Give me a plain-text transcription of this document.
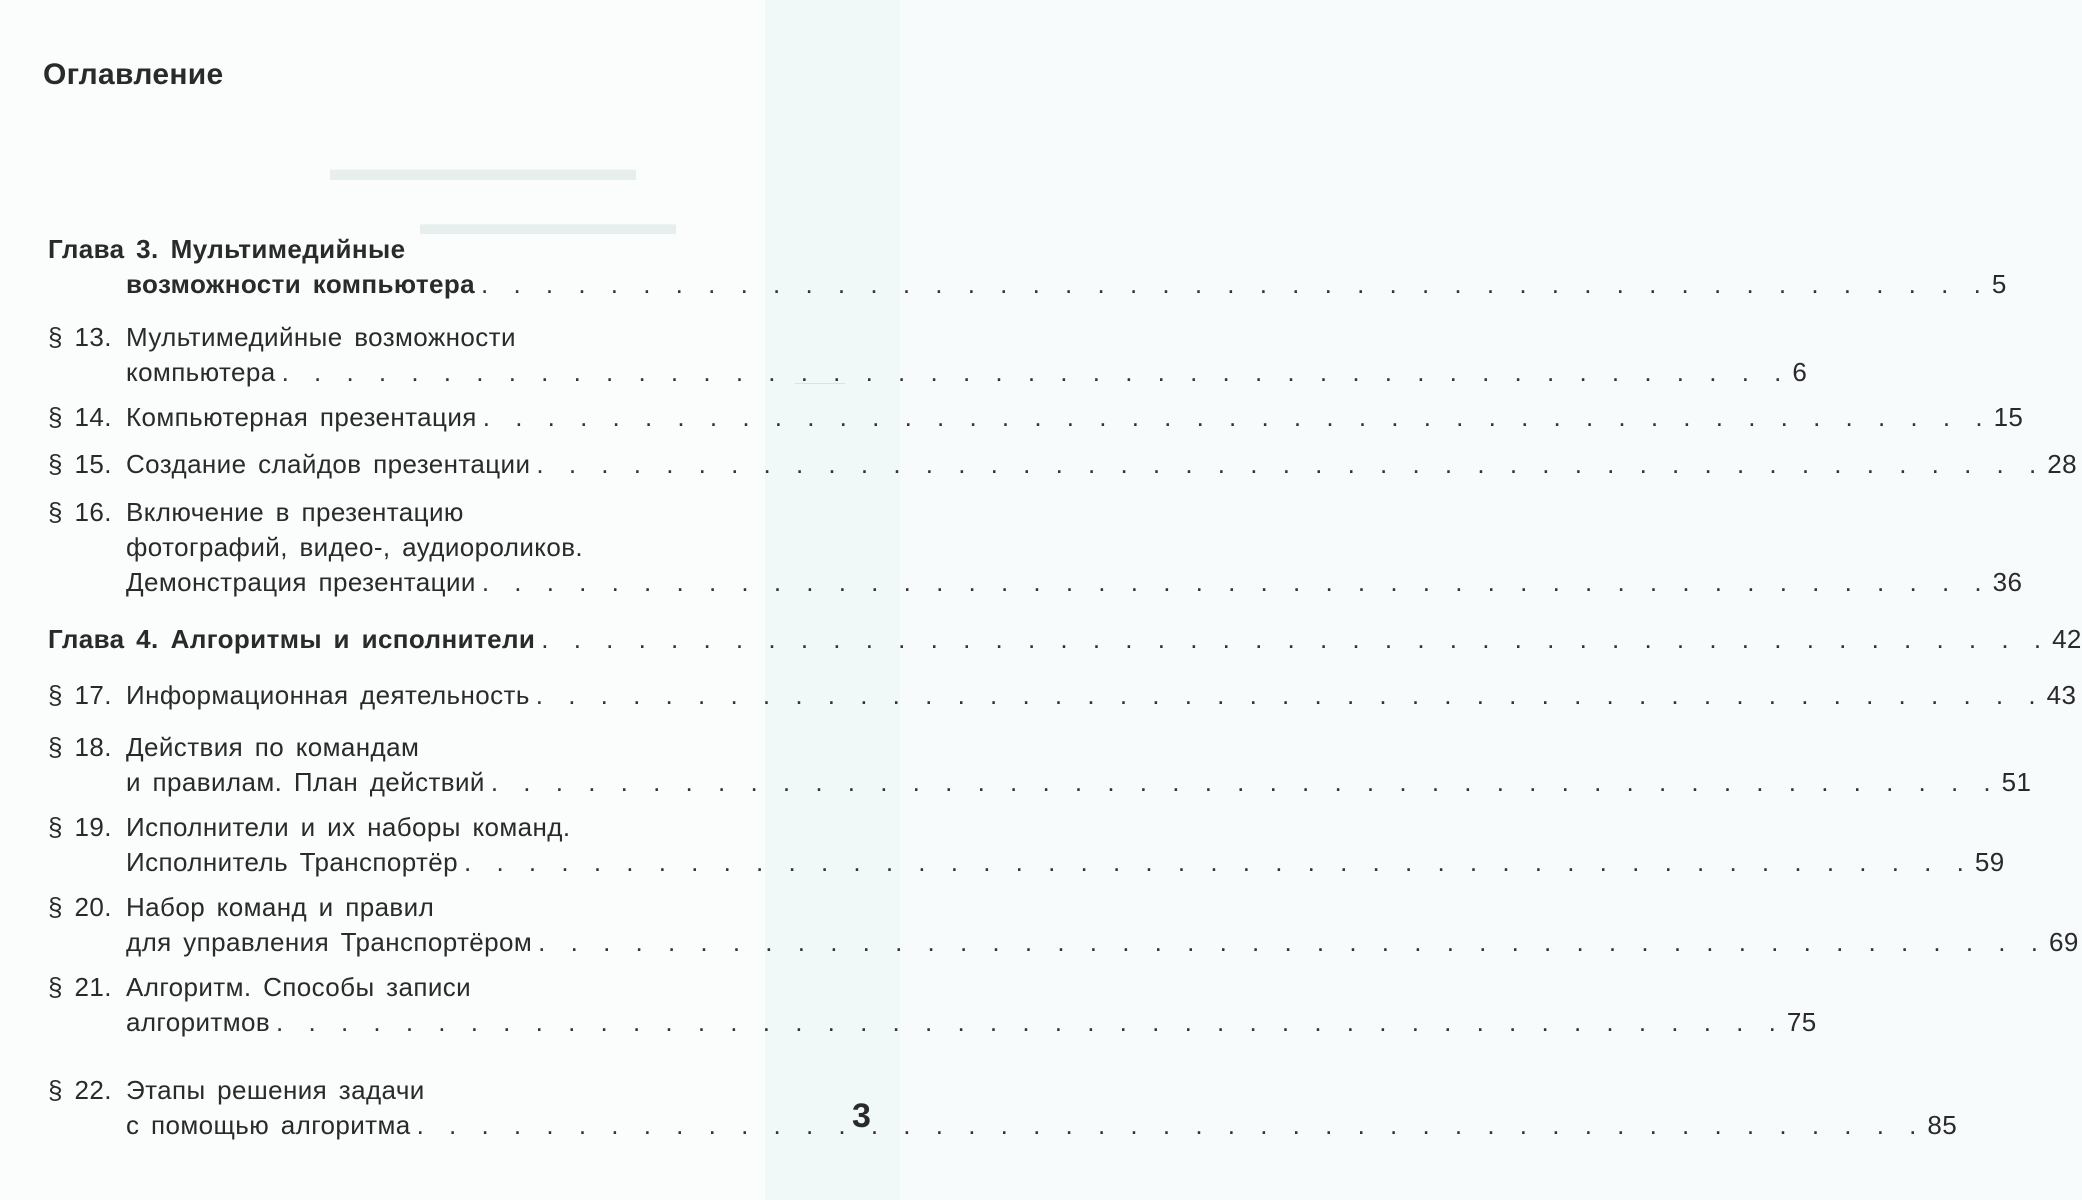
▬▬▬▬▬▬▬▬▬
▬▬▬▬▬▬▬▬
Оглавление
Глава 3. Мультимедийные
возможности компьютера . . .	5
§ 13. Мультимедийные возможности
компьютера . . .	6
§ 14. Компьютерная презентация . . .	15
§ 15. Создание слайдов презентации . . .	28
§ 16. Включение в презентацию
фотографий, видео-, аудиороликов.
Демонстрация презентации . . .	36
Глава 4. Алгоритмы и исполнители . . .	42
§ 17. Информационная деятельность . . .	43
§ 18. Действия по командам
и правилам. План действий . . .	51
§ 19. Исполнители и их наборы команд.
Исполнитель Транспортёр . . .	59
§ 20. Набор команд и правил
для управления Транспортёром . . .	69
§ 21. Алгоритм. Способы записи
алгоритмов . . .	75
§ 22. Этапы решения задачи
с помощью алгоритма . . .	85
3
